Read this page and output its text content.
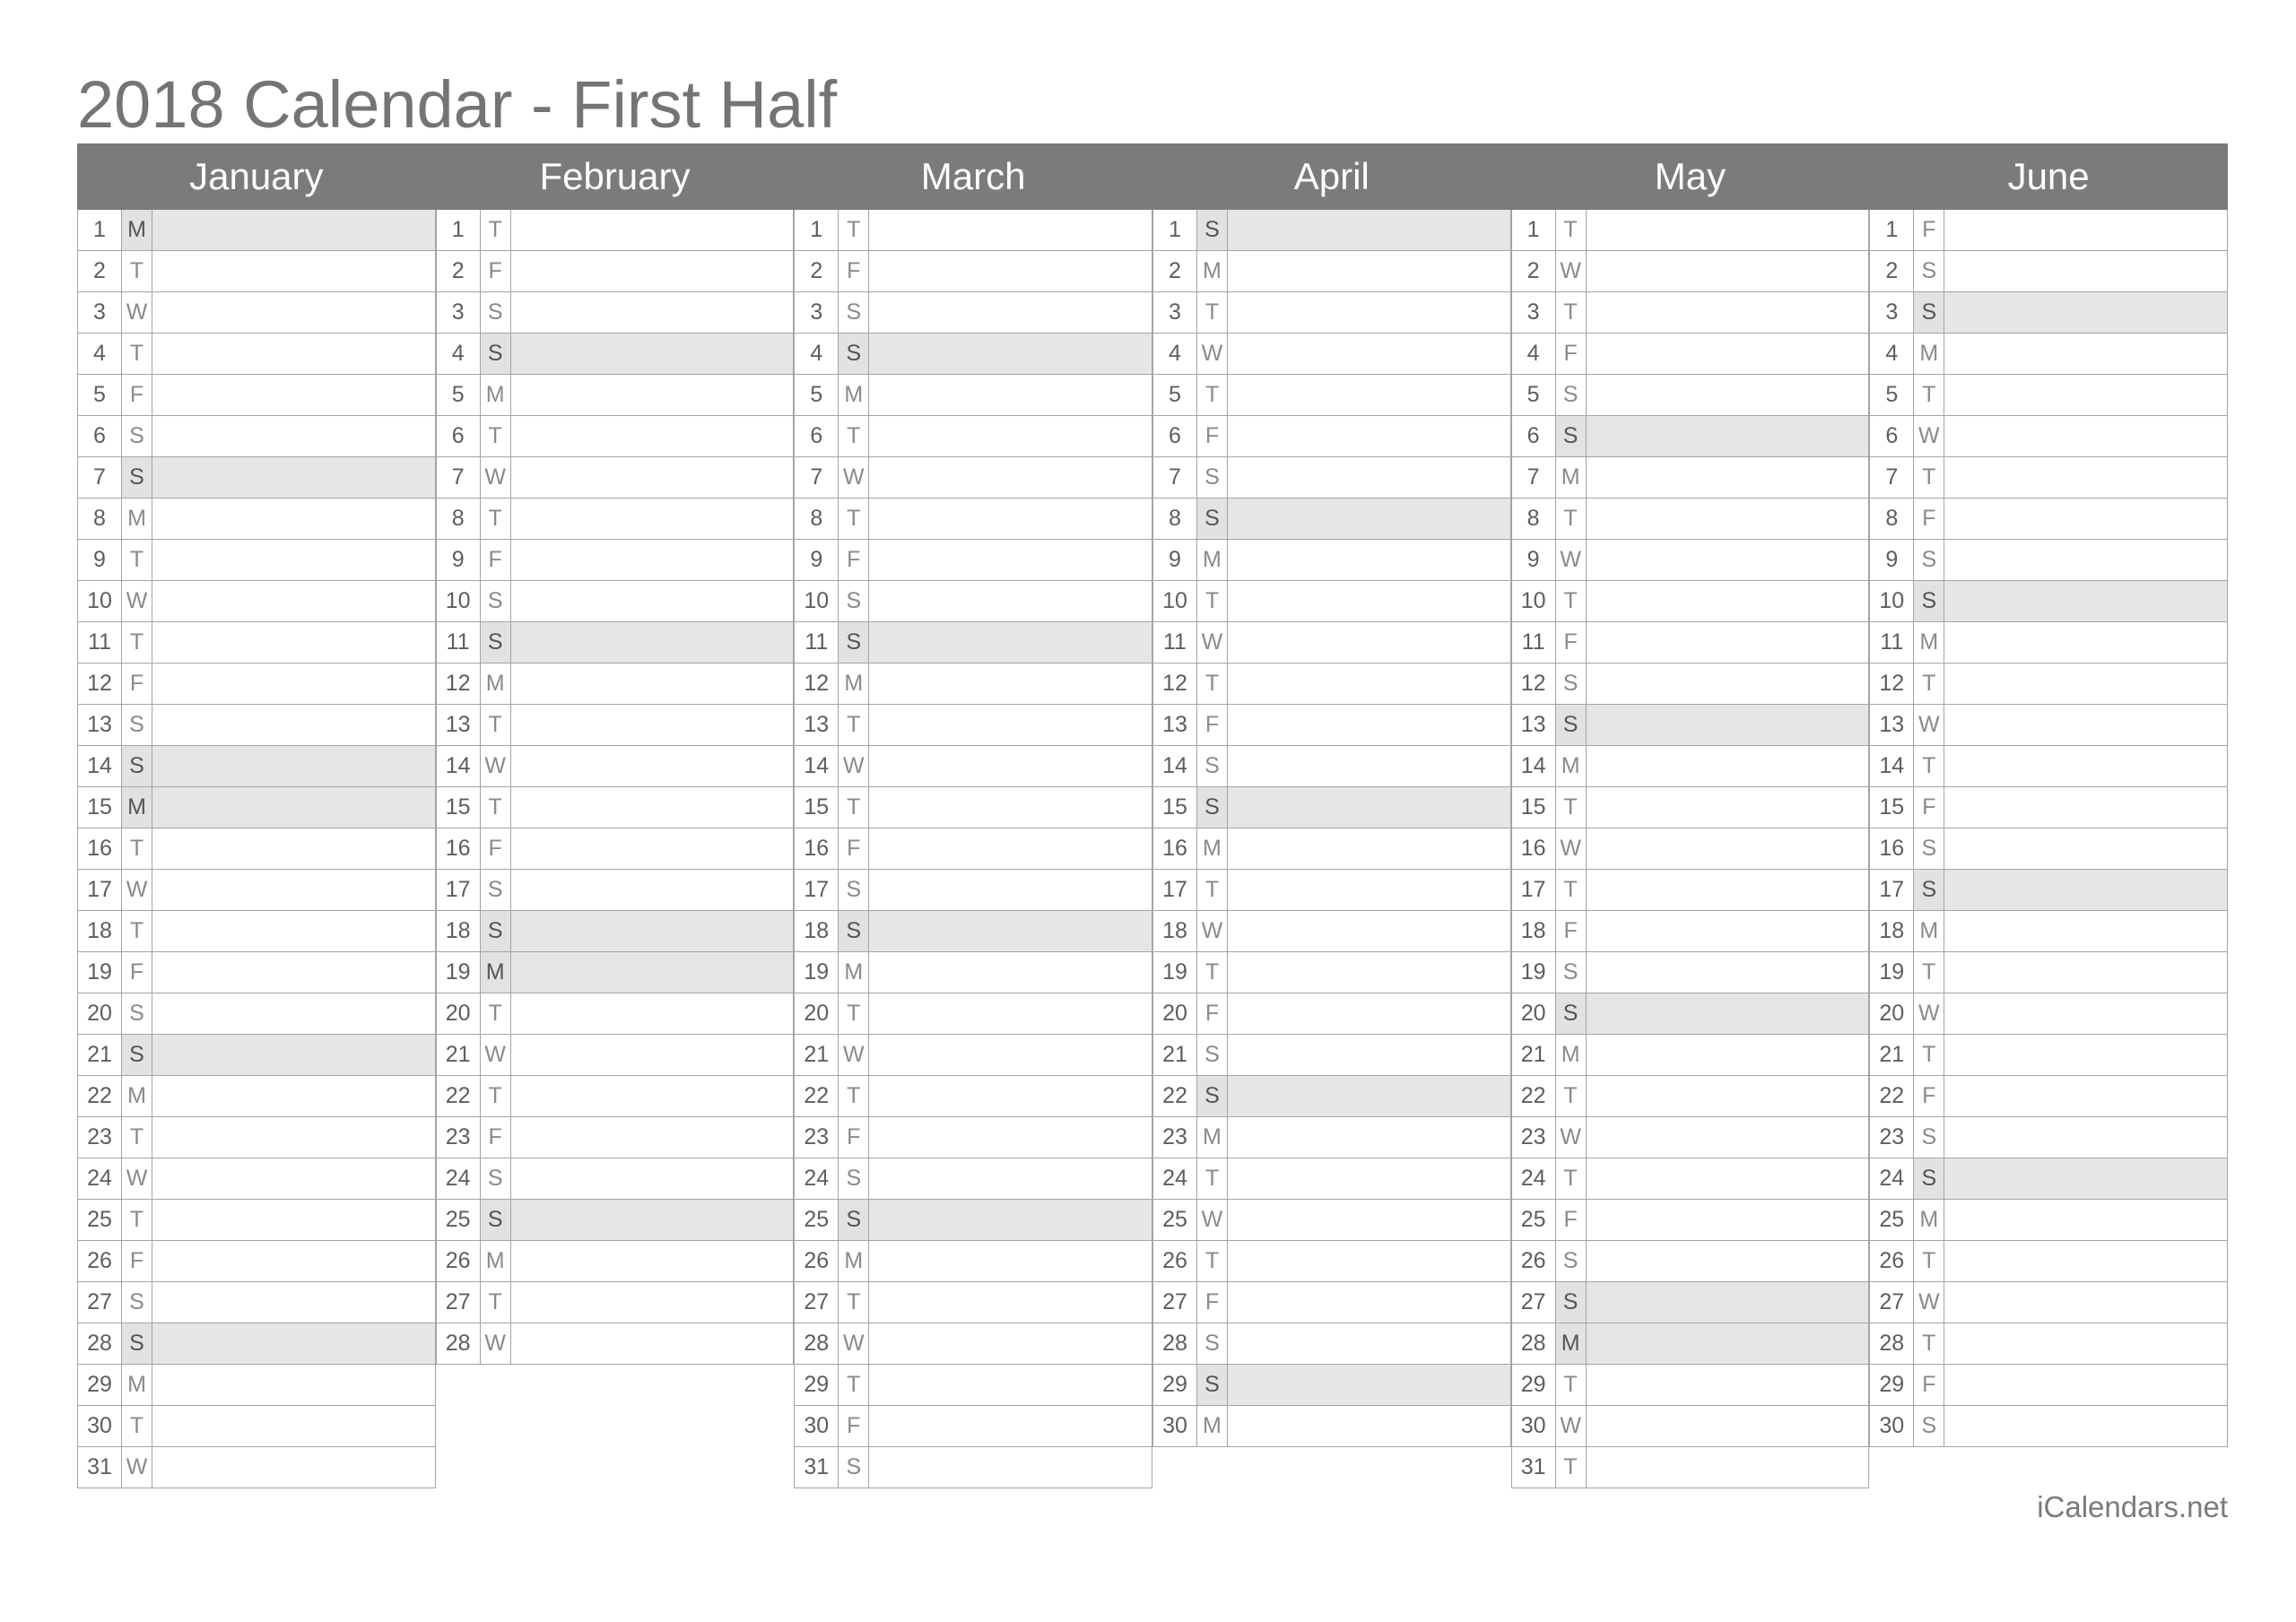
2018 Calendar - First Half
January	February	March	April	May	June
1 M
2	T
3 W
4	T
5	F
6	S
7	S
8 M
9	T
10 W
11 T
12 F
13 S
14 S
15 M
16 T
17 W
18 T
19 F
20 S
21 S
22 M
23 T
24 W
25 T
26 F
27 S
28 S
29 M
30 T
31 W
1	T
2	F
3	S
4	S
5 M
6	T
7 W
8	T
9	F
10 S
11 S
12 M
13 T
14 W
15 T
16 F
17 S
18 S
19 M
20 T
21 W
22 T
23 F
24 S
25 S
26 M
27 T
28 W
1	T
2	F
3	S
4	S
5 M
6	T
7 W
8	T
9	F
10 S
11 S
12 M
13 T
14 W
15 T
16 F
17 S
18 S
19 M
20 T
21 W
22 T
23 F
24 S
25 S
26 M
27 T
28 W
29 T
30 F
31 S
1	S
2 M
3	T
4 W
5	T
6	F
7	S
8	S
9 M
10 T
11 W
12 T
13 F
14 S
15 S
16 M
17 T
18 W
19 T
20 F
21 S
22 S
23 M
24 T
25 W
26 T
27 F
28 S
29 S
30 M
1	T
2 W
3	T
4	F
5	S
6	S
7 M
8	T
9 W
10 T
11 F
12 S
13 S
14 M
15 T
16 W
17 T
18 F
19 S
20 S
21 M
22 T
23 W
24 T
25 F
26 S
27 S
28 M
29 T
30 W
31 T
1	F
2	S
3	S
4 M
5	T
6 W
7	T
8	F
9	S
10 S
11 M
12 T
13 W
14 T
15 F
16 S
17 S
18 M
19 T
20 W
21 T
22 F
23 S
24 S
25 M
26 T
27 W
28 T
29 F
30 S
iCalendars.net
